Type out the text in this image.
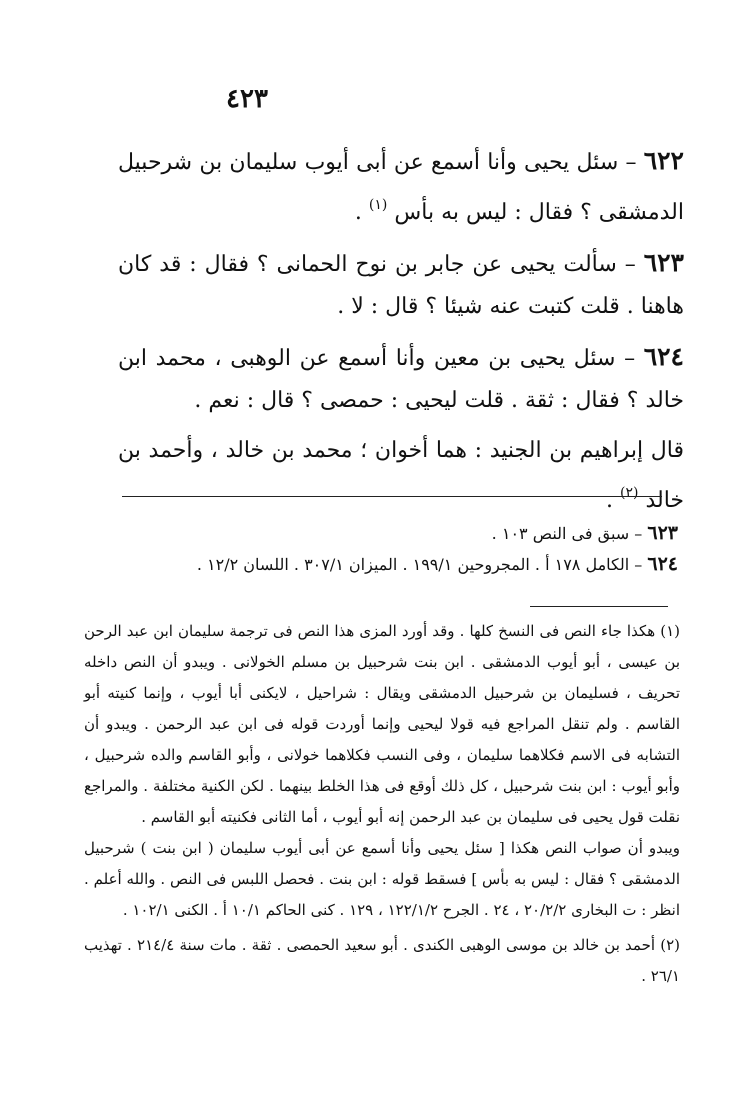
٤٢٣

٦٢٢ – سئل يحيى وأنا أسمع عن أبى أيوب سليمان بن شرحبيل الدمشقى ؟ فقال : ليس به بأس $^{(١)}$ .

٦٢٣ – سألت يحيى عن جابر بن نوح الحمانى ؟ فقال : قد كان هاهنا . قلت كتبت عنه شيئا ؟ قال : لا .

٦٢٤ – سئل يحيى بن معين وأنا أسمع عن الوهبى ، محمد ابن خالد ؟ فقال : ثقة . قلت ليحيى : حمصى ؟ قال : نعم .

قال إبراهيم بن الجنيد : هما أخوان ؛ محمد بن خالد ، وأحمد بن خالد $^{(٢)}$ .

٦٢٣ – سبق فى النص ١٠٣ .

٦٢٤ – الكامل ١٧٨ أ . المجروحين ١٩٩/١ . الميزان ٣٠٧/١ . اللسان ١٢/٢ .

(١) هكذا جاء النص فى النسخ كلها . وقد أورد المزى هذا النص فى ترجمة سليمان ابن عبد الرحن بن عيسى ، أبو أيوب الدمشقى . ابن بنت شرحبيل بن مسلم الخولانى . ويبدو أن النص داخله تحريف ، فسليمان بن شرحبيل الدمشقى ويقال : شراحيل ، لايكنى أبا أيوب ، وإنما كنيته أبو القاسم . ولم تنقل المراجع فيه قولا ليحيى وإنما أوردت قوله فى ابن عبد الرحمن . ويبدو أن التشابه فى الاسم فكلاهما سليمان ، وفى النسب فكلاهما خولانى ، وأبو القاسم والده شرحبيل ، وأبو أيوب : ابن بنت شرحبيل ، كل ذلك أوقع فى هذا الخلط بينهما . لكن الكنية مختلفة . والمراجع نقلت قول يحيى فى سليمان بن عبد الرحمن إنه أبو أيوب ، أما الثانى فكنيته أبو القاسم .

ويبدو أن صواب النص هكذا [ سئل يحيى وأنا أسمع عن أبى أيوب سليمان ( ابن بنت ) شرحبيل الدمشقى ؟ فقال : ليس به بأس ] فسقط قوله : ابن بنت . فحصل اللبس فى النص . والله أعلم . انظر : ت البخارى ٢٠/٢/٢ ، ٢٤ . الجرح ١٢٢/١/٢ ، ١٢٩ . كنى الحاكم ١٠/١ أ . الكنى ١٠٢/١ .

(٢) أحمد بن خالد بن موسى الوهبى الكندى . أبو سعيد الحمصى . ثقة . مات سنة ٢١٤/٤ . تهذيب ٢٦/١ .
